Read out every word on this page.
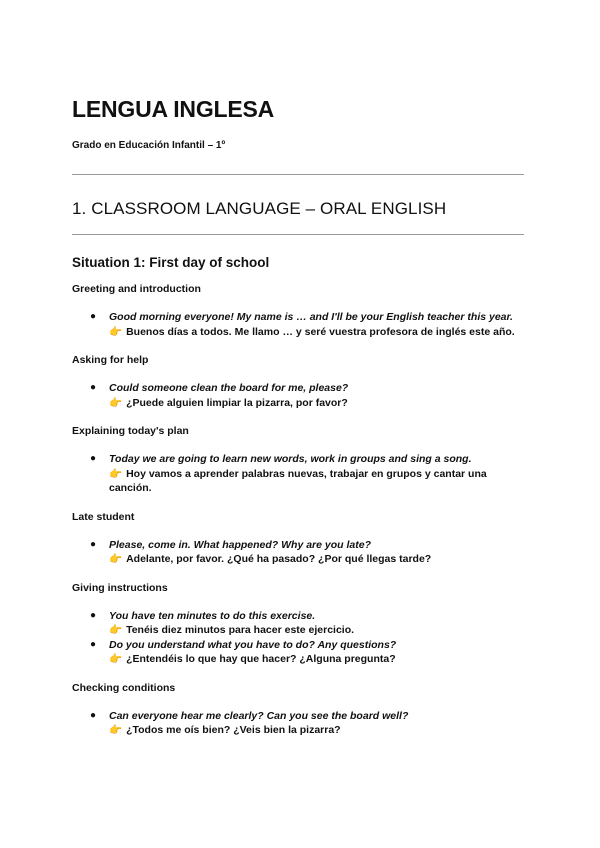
LENGUA INGLESA

Grado en Educación Infantil – 1º

1. CLASSROOM LANGUAGE – ORAL ENGLISH
Situation 1: First day of school

Greeting and introduction

● Good morning everyone! My name is … and I'll be your English teacher this year.
👉 Buenos días a todos. Me llamo … y seré vuestra profesora de inglés este año.

Asking for help

● Could someone clean the board for me, please?
👉 ¿Puede alguien limpiar la pizarra, por favor?

Explaining today's plan

● Today we are going to learn new words, work in groups and sing a song.
👉 Hoy vamos a aprender palabras nuevas, trabajar en grupos y cantar una canción.

Late student

● Please, come in. What happened? Why are you late?
👉 Adelante, por favor. ¿Qué ha pasado? ¿Por qué llegas tarde?

Giving instructions

● You have ten minutes to do this exercise.
👉 Tenéis diez minutos para hacer este ejercicio.
● Do you understand what you have to do? Any questions?
👉 ¿Entendéis lo que hay que hacer? ¿Alguna pregunta?

Checking conditions

● Can everyone hear me clearly? Can you see the board well?
👉 ¿Todos me oís bien? ¿Veis bien la pizarra?
